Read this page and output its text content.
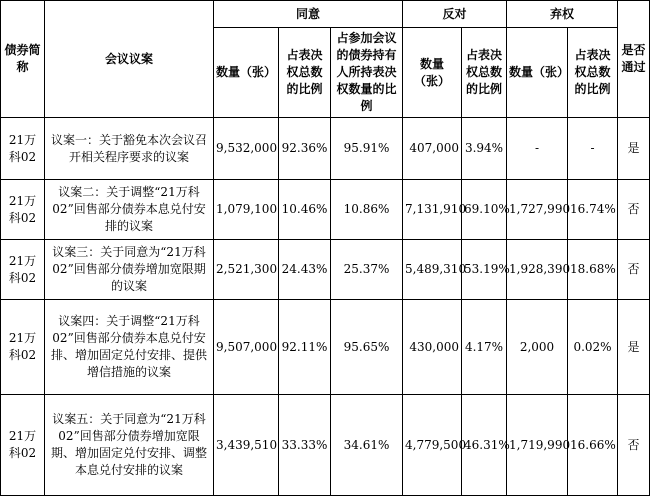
债券简称	会议议案	同意			反对		弃权		是否通过
		数量（张）	占表决权总数的比例	占参加会议的债券持有人所持表决权数量的比例	数量（张）	占表决权总数的比例	数量（张）	占表决权总数的比例	
21万科02	议案一：关于豁免本次会议召开相关程序要求的议案	9,532,000	92.36%	95.91%	407,000	3.94%	-	-	是
21万科02	议案二：关于调整“21万科02”回售部分债券本息兑付安排的议案	1,079,100	10.46%	10.86%	7,131,910	69.10%	1,727,990	16.74%	否
21万科02	议案三：关于同意为“21万科02”回售部分债券增加宽限期的议案	2,521,300	24.43%	25.37%	5,489,310	53.19%	1,928,390	18.68%	否
21万科02	议案四：关于调整“21万科02”回售部分债券本息兑付安排、增加固定兑付安排、提供增信措施的议案	9,507,000	92.11%	95.65%	430,000	4.17%	2,000	0.02%	是
21万科02	议案五：关于同意为“21万科02”回售部分债券增加宽限期、增加固定兑付安排、调整本息兑付安排的议案	3,439,510	33.33%	34.61%	4,779,500	46.31%	1,719,990	16.66%	否
